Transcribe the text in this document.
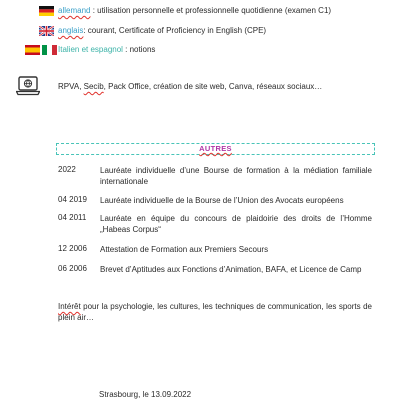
allemand : utilisation personnelle et professionnelle quotidienne (examen C1)
anglais: courant, Certificate of Proficiency in English (CPE)
Italien et espagnol : notions
RPVA, Secib, Pack Office, création de site web, Canva, réseaux sociaux…
AUTRES
2022	Lauréate individuelle d’une Bourse de formation à la médiation familiale internationale
04 2019 Lauréate individuelle de la Bourse de l’Union des Avocats européens
04 2011 Lauréate en équipe du concours de plaidoirie des droits de l’Homme „Habeas Corpus“
12 2006 Attestation de Formation aux Premiers Secours
06 2006 Brevet d’Aptitudes aux Fonctions d’Animation, BAFA, et Licence de Camp
Intérêt pour la psychologie, les cultures, les techniques de communication, les sports de plein air…
Strasbourg, le 13.09.2022
